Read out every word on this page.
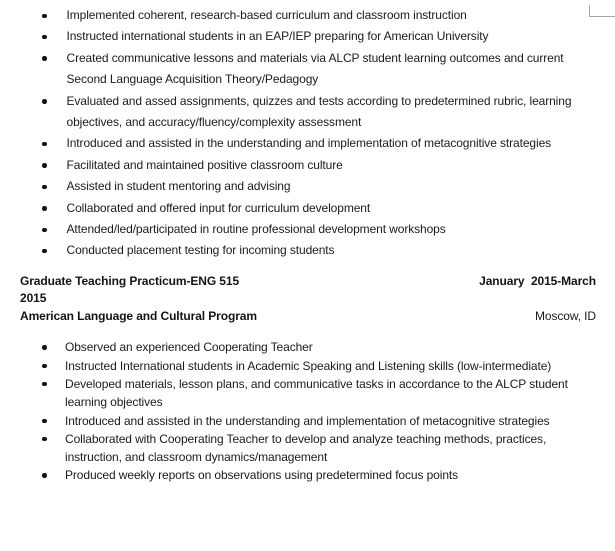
Implemented coherent, research-based curriculum and classroom instruction
Instructed international students in an EAP/IEP preparing for American University
Created communicative lessons and materials via ALCP student learning outcomes and current Second Language Acquisition Theory/Pedagogy
Evaluated and assed assignments, quizzes and tests according to predetermined rubric, learning objectives, and accuracy/fluency/complexity assessment
Introduced and assisted in the understanding and implementation of metacognitive strategies
Facilitated and maintained positive classroom culture
Assisted in student mentoring and advising
Collaborated and offered input for curriculum development
Attended/led/participated in routine professional development workshops
Conducted placement testing for incoming students
Graduate Teaching Practicum-ENG 515	January  2015-March
2015
American Language and Cultural Program	Moscow, ID
Observed an experienced Cooperating Teacher
Instructed International students in Academic Speaking and Listening skills (low-intermediate)
Developed materials, lesson plans, and communicative tasks in accordance to the ALCP student learning objectives
Introduced and assisted in the understanding and implementation of metacognitive strategies
Collaborated with Cooperating Teacher to develop and analyze teaching methods, practices, instruction, and classroom dynamics/management
Produced weekly reports on observations using predetermined focus points
